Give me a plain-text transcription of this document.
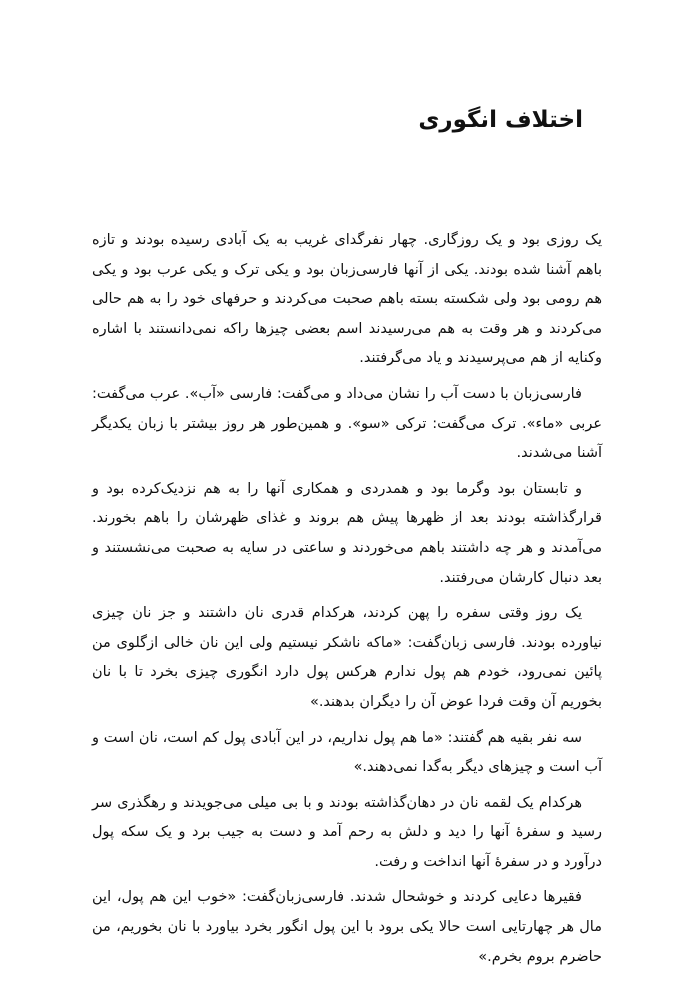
اختلاف انگوری

یک روزی بود و یک روزگاری. چهار نفرگدای غریب به یک آبادی رسیده بودند و تازه باهم آشنا شده بودند. یکی از آنها فارسی‌زبان بود و یکی ترک و یکی عرب بود و یکی هم رومی بود ولی شکسته بسته باهم صحبت می‌کردند و حرفهای خود را به هم حالی می‌کردند و هر وقت به هم می‌رسیدند اسم بعضی چیزها راکه نمی‌دانستند با اشاره وکنایه از هم می‌پرسیدند و یاد می‌گرفتند.

فارسی‌زبان با دست آب را نشان می‌داد و می‌گفت: فارسی «آب». عرب می‌گفت: عربی «ماء». ترک می‌گفت: ترکی «سو». و همین‌طور هر روز بیشتر با زبان یکدیگر آشنا می‌شدند.

و تابستان بود وگرما بود و همدردی و همکاری آنها را به هم نزدیک‌کرده بود و قرارگذاشته بودند بعد از ظهرها پیش هم بروند و غذای ظهرشان را باهم بخورند. می‌آمدند و هر چه داشتند باهم می‌خوردند و ساعتی در سایه به صحبت می‌نشستند و بعد دنبال کارشان می‌رفتند.

یک روز وقتی سفره را پهن کردند، هرکدام قدری نان داشتند و جز نان چیزی نیاورده بودند. فارسی زبان‌گفت: «ماکه ناشکر نیستیم ولی این نان خالی ازگلوی من پائین نمی‌رود، خودم هم پول ندارم هرکس پول دارد انگوری چیزی بخرد تا با نان بخوریم آن وقت فردا عوض آن را دیگران بدهند.»

سه نفر بقیه هم گفتند: «ما هم پول نداریم، در این آبادی پول کم است، نان است و آب است و چیزهای دیگر به‌گدا نمی‌دهند.»

هرکدام یک لقمه نان در دهان‌گذاشته بودند و با بی میلی می‌جویدند و رهگذری سر رسید و سفرهٔ آنها را دید و دلش به رحم آمد و دست به جیب برد و یک سکه پول درآورد و در سفرهٔ آنها انداخت و رفت.

فقیرها دعایی کردند و خوشحال شدند. فارسی‌زبان‌گفت: «خوب این هم پول، این مال هر چهارتایی است حالا یکی برود با این پول انگور بخرد بیاورد با نان بخوریم، من حاضرم بروم بخرم.»
